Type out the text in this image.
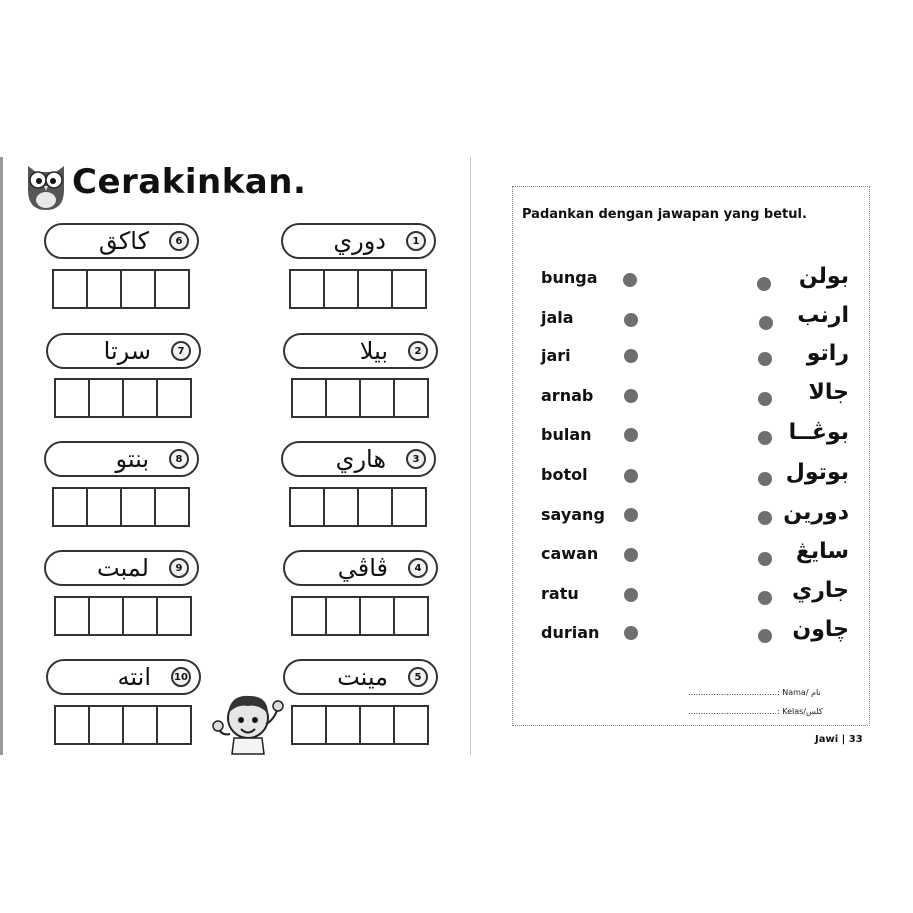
Cerakinkan.
دوري	1
بيلا	2
هاري	3
ڤاڤي	4
مينت	5
كاكق	6
سرتا	7
بنتو	8
لمبت	9
انته	10
Padankan dengan jawapan yang betul.
bunga
jala
jari
arnab
bulan
botol
sayang
cawan
ratu
durian
بولن
ارنب
راتو
جالا
بوڠــا
بوتول
دورين
سايڠ
جاري
چاون
...................................: Nama/ نام
...................................: Kelas/كلس
Jawi | 33
